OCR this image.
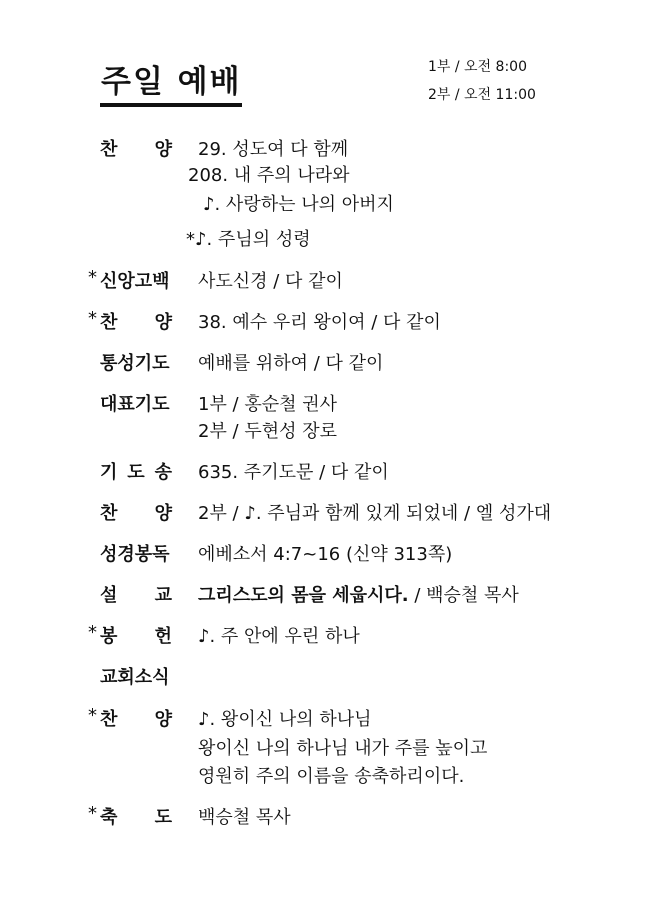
주일 예배	1부 / 오전 8:00
2부 / 오전 11:00
찬 양 29. 성도여 다 함께
208. 내 주의 나라와
♪. 사랑하는 나의 아버지
*♪. 주님의 성령
* 신앙고백 사도신경 / 다 같이
* 찬 양 38. 예수 우리 왕이여 / 다 같이
통성기도 예배를 위하여 / 다 같이
대표기도 1부 / 홍순철 권사
2부 / 두현성 장로
기 도 송 635. 주기도문 / 다 같이
찬 양 2부 / ♪. 주님과 함께 있게 되었네 / 엘 성가대
성경봉독 에베소서 4:7~16 (신약 313쪽)
설 교 그리스도의 몸을 세웁시다. / 백승철 목사
* 봉 헌 ♪. 주 안에 우린 하나
교회소식
* 찬 양 ♪. 왕이신 나의 하나님
왕이신 나의 하나님 내가 주를 높이고
영원히 주의 이름을 송축하리이다.
* 축 도 백승철 목사
